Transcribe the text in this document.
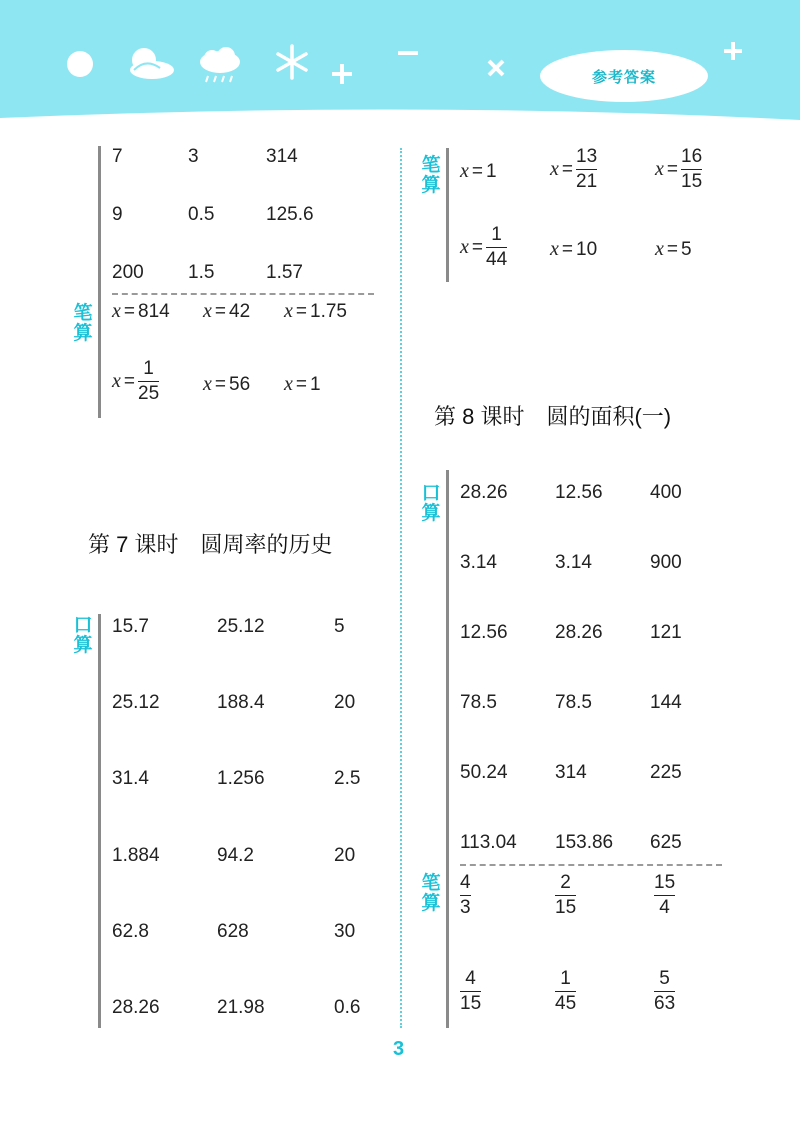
参考答案
7	3	314
9	0.5	125.6
200 1.5	1.57
笔算
x = 814 x = 42 x = 1.75
$x = \frac{1}{25}$ x = 56 x = 1
第 7 课时　圆周率的历史
口算
15.7	25.12	5
25.12	188.4	20
31.4	1.256	2.5
1.884	94.2	20
62.8	628	30
28.26	21.98	0.6
笔算
x = 1	$x = \frac{13}{21}$	$x = \frac{16}{15}$
$x = \frac{1}{44}$ x = 10	x = 5
第 8 课时　圆的面积(一)
口算
28.26 12.56 400
3.14	3.14	900
12.56 28.26 121
78.5	78.5	144
50.24 314	225
113.04 153.86 625
笔算 $\frac{4}{3}$	$\frac{2}{15}$	$\frac{15}{4}$
$\frac{4}{15}$	$\frac{1}{45}$	$\frac{5}{63}$
3
